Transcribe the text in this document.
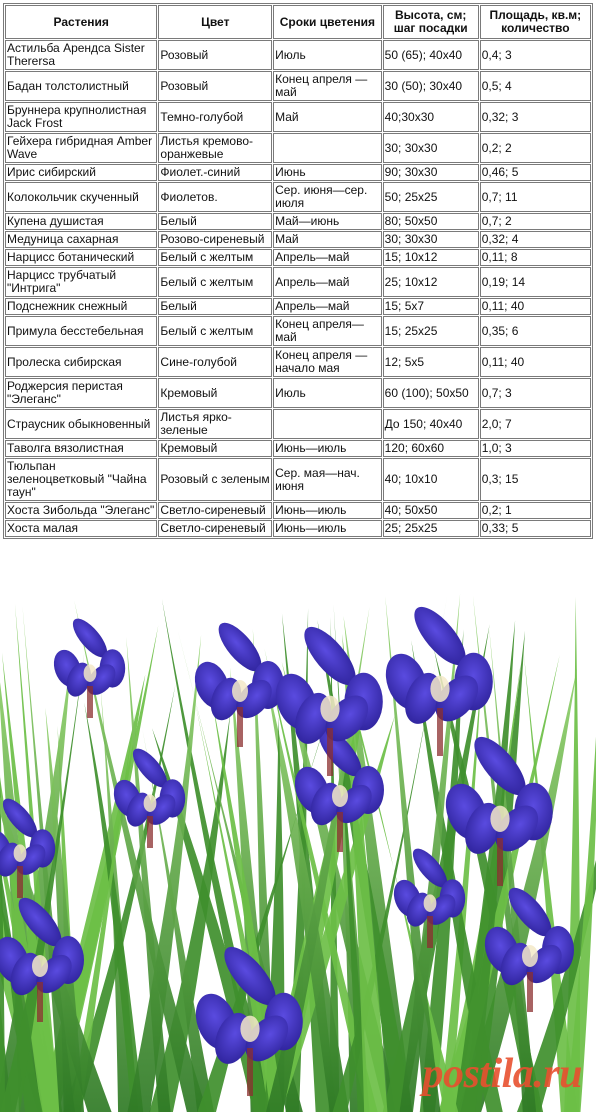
Растения	Цвет	Сроки цветения	Высота, см; шаг посадки	Площадь, кв.м; количество
Астильба Арендса Sister Therersa	Розовый	Июль	50 (65); 40x40	0,4; 3
Бадан толстолистный	Розовый	Конец апреля — май	30 (50); 30x40	0,5; 4
Бруннера крупнолистная Jack Frost	Темно-голубой	Май	40;30x30	0,32; 3
Гейхера гибридная Amber Wave	Листья кремово-оранжевые		30; 30x30	0,2; 2
Ирис сибирский	Фиолет.-синий	Июнь	90; 30x30	0,46; 5
Колокольчик скученный	Фиолетов.	Сер. июня—сер. июля	50; 25x25	0,7; 11
Купена душистая	Белый	Май—июнь	80; 50x50	0,7; 2
Медуница сахарная	Розово-сиреневый	Май	30; 30x30	0,32; 4
Нарцисс ботанический	Белый с желтым	Апрель—май	15; 10x12	0,11; 8
Нарцисс трубчатый "Интрига"	Белый с желтым	Апрель—май	25; 10x12	0,19; 14
Подснежник снежный	Белый	Апрель—май	15; 5x7	0,11; 40
Примула бесстебельная	Белый с желтым	Конец апреля—май	15; 25x25	0,35; 6
Пролеска сибирская	Сине-голубой	Конец апреля —начало мая	12; 5x5	0,11; 40
Роджерсия перистая "Элеганс"	Кремовый	Июль	60 (100); 50x50	0,7; 3
Страусник обыкновенный	Листья ярко-зеленые		До 150; 40x40	2,0; 7
Таволга вязолистная	Кремовый	Июнь—июль	120; 60x60	1,0; 3
Тюльпан зеленоцветковый "Чайна таун"	Розовый с зеленым	Сер. мая—нач. июня	40; 10x10	0,3; 15
Хоста Зибольда "Элеганс"	Светло-сиреневый	Июнь—июль	40; 50x50	0,2; 1
Хоста малая	Светло-сиреневый	Июнь—июль	25; 25x25	0,33; 5
postila.ru
